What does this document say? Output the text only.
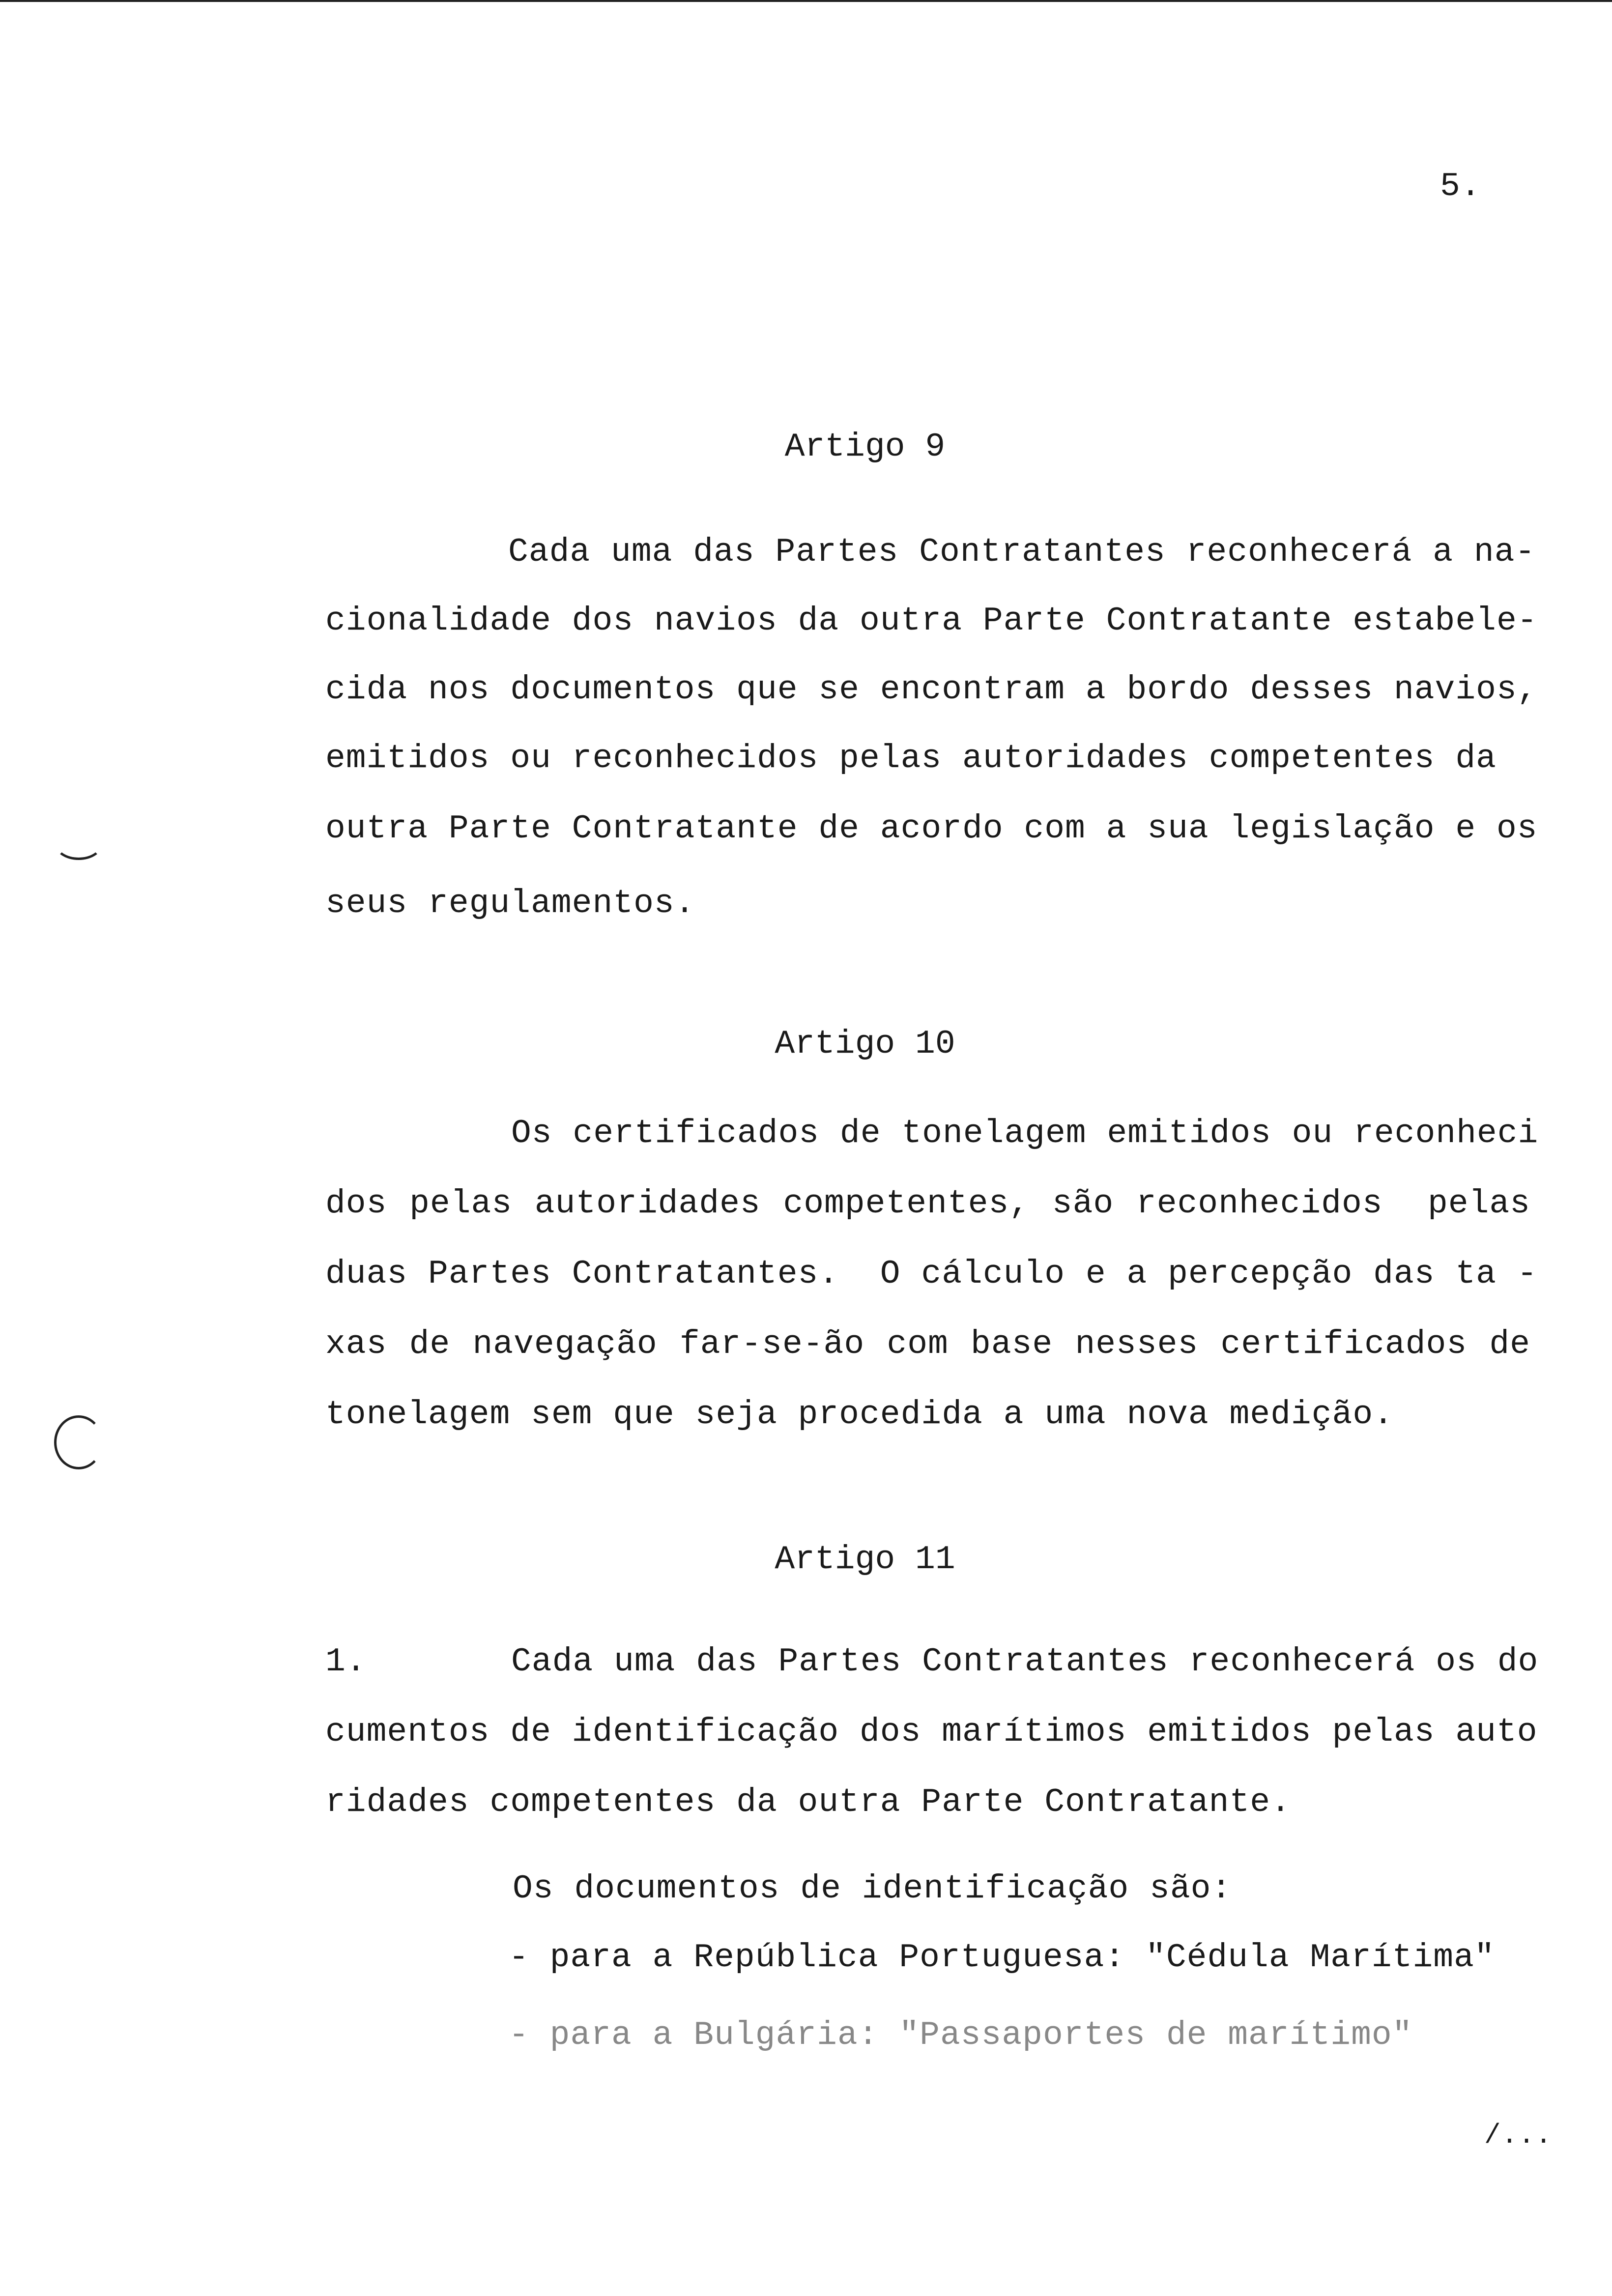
5.
Artigo 9
Cada uma das Partes Contratantes reconhecerá a na-
cionalidade dos navios da outra Parte Contratante estabele-
cida nos documentos que se encontram a bordo desses navios,
emitidos ou reconhecidos pelas autoridades competentes da
outra Parte Contratante de acordo com a sua legislação e os
seus regulamentos.
Artigo 10
Os certificados de tonelagem emitidos ou reconheci
dos pelas autoridades competentes, são reconhecidos  pelas
duas Partes Contratantes.  O cálculo e a percepção das ta -
xas de navegação far-se-ão com base nesses certificados de
tonelagem sem que seja procedida a uma nova medição.
Artigo 11
1.	Cada uma das Partes Contratantes reconhecerá os do
cumentos de identificação dos marítimos emitidos pelas auto
ridades competentes da outra Parte Contratante.
Os documentos de identificação são:
- para a República Portuguesa: "Cédula Marítima"
- para a Bulgária: "Passaportes de marítimo"
/...
